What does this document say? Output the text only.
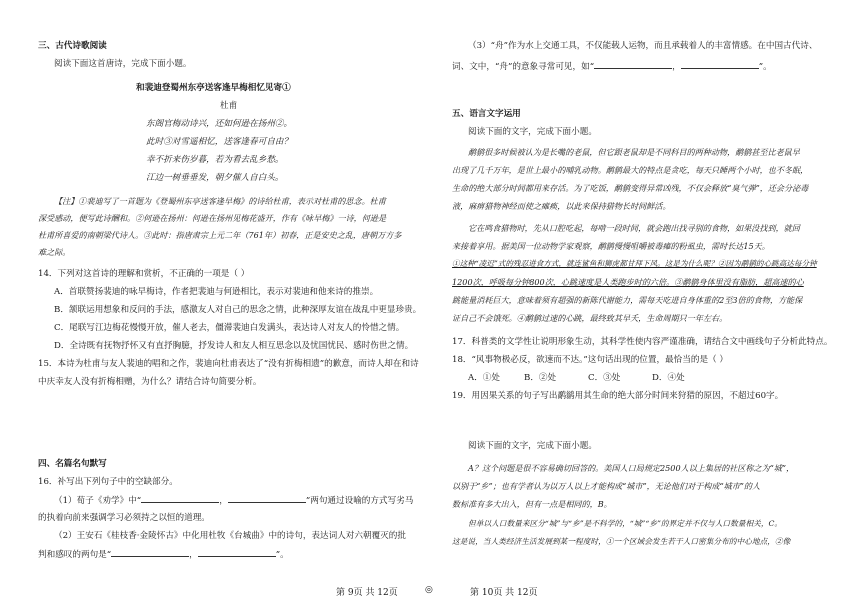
三、古代诗歌阅读
阅读下面这首唐诗，完成下面小题。
和裴迪登蜀州东亭送客逢早梅相忆见寄①
杜甫
东阁官梅动诗兴，还如何逊在扬州②。
此时③对雪遥相忆，送客逢春可自由？
幸不折来伤岁暮，若为看去乱乡愁。
江边一树垂垂发，朝夕催人自白头。
【注】①裴迪写了一首题为《登蜀州东亭送客逢早梅》的诗给杜甫，表示对杜甫的思念。杜甫
深受感动，便写此诗酬和。②何逊在扬州：何逊在扬州见梅花盛开，作有《咏早梅》一诗，何逊是
杜甫所喜爱的南朝梁代诗人。③此时：指唐肃宗上元二年（761年）初春，正是安史之乱，唐朝万方多
难之际。
14．下列对这首诗的理解和赏析，不正确的一项是（ ）
A．首联赞扬裴迪的咏早梅诗，作者把裴迪与何逊相比，表示对裴迪和他来诗的推崇。
B．颔联运用想象和反问的手法，感激友人对自己的思念之情，此种深厚友谊在战乱中更显珍贵。
C．尾联写江边梅花慢慢开放，催人老去，僵滞裴迪白发满头，表达诗人对友人的怜惜之情。
D．全诗既有抚物抒怀又有直抒胸臆，抒发诗人和友人相互思念以及忧国忧民、感时伤世之情。
15．本诗为杜甫与友人裴迪的唱和之作，裴迪向杜甫表达了“没有折梅相遗”的歉意，而诗人却在和诗
中庆幸友人没有折梅相赠，为什么？请结合诗句简要分析。
四、名篇名句默写
16．补写出下列句子中的空缺部分。
（1）荀子《劝学》中“	，	”两句通过设喻的方式写劣马
的执着向前来强调学习必须持之以恒的道理。
（2）王安石《桂枝香·金陵怀古》中化用杜牧《台城曲》中的诗句，表达词人对六朝覆灭的批
判和感叹的两句是“	，	”。
（3）“舟”作为水上交通工具，不仅能载人运物，而且承载着人的丰富情感。在中国古代诗、
词、文中，“舟”的意象寻常可见，如“	，	”。
五、语言文字运用
阅读下面的文字，完成下面小题。
鹬鹟很多时候被认为是长嘴的老鼠，但它跟老鼠却是不同科目的两种动物，鹬鹟甚至比老鼠早
出现了几千万年，是世上最小的哺乳动物。鹬鹟最大的特点是贪吃，每天只睡两个小时，也不冬眠，
生命的绝大部分时间都用来存活。为了吃饭，鹬鹟变得异常凶残，不仅会释放“臭气弹”，还会分泌毒
液，麻痹猎物神经而使之瘫痪，以此来保持猎物长时间鲜活。
它在鸣食猎物时，先从口腔吃起，每啃一段时间，就会跑出找寻别的食物，如果没找到，就回
来接着享用。据美国一位动物学家观察，鹬鹟慢慢咀嚼被毒瘫的粉虱虫，需时长达15天。
①这种“凌迟”式的残忍进食方式，就连鲨鱼和狮虎都甘拜下风。这是为什么呢？②因为鹬鹟的心跳高达每分钟
1200次，呼吸每分钟800次，心跳速度是人类跑步时的六倍。③鹬鹟身体里没有脂肪，超高速的心
跳能量消耗巨大，意味着须有超强的新陈代谢能力，需每天吃进自身体重的2至3倍的食物，方能保
证自己不会饿死。④鹬鹟过速的心跳，最终致其早夭，生命周期只一年左右。
17．科普类的文学性让说明形象生动，其科学性使内容严谨准确，请结合文中画线句子分析此特点。
18．“风事物极必反，欲速而不达。”这句话出现的位置，最恰当的是（ ）
A．①处	B．②处	C．③处	D．④处
19．用因果关系的句子写出鹬鹟用其生命的绝大部分时间来狩猎的原因，不超过60字。
阅读下面的文字，完成下面小题。
A？这个问题是很不容易确切回答的。美国人口局规定2500人以上集居的社区称之为“城”，
以别于“乡”；也有学者认为以万人以上才能构成“城市”，无论他们对于构成“城市”的人
数标准有多大出入，但有一点是相同的，B。
但单以人口数量来区分“城”与“乡”是不科学的，“城”“乡”的界定并不仅与人口数量相关，C。
这是说，当人类经济生活发展到某一程度时，①一个区域会发生若干人口密集分布的中心地点，②像
第 9页 共 12页	◎	第 10页 共 12页
